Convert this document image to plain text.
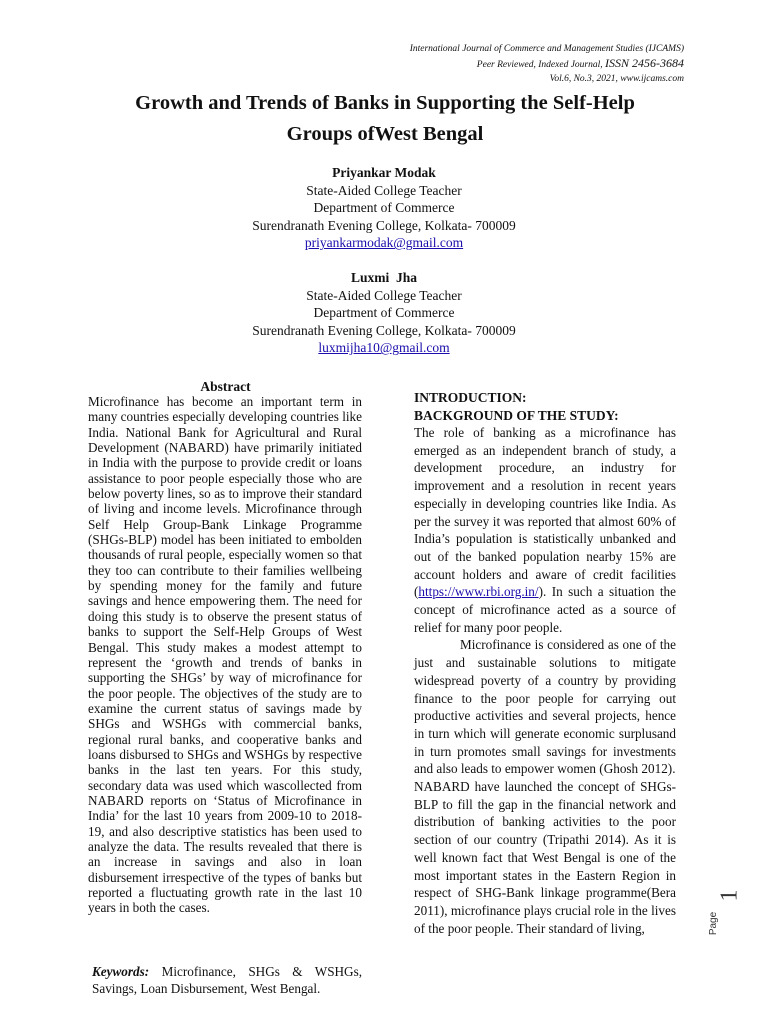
International Journal of Commerce and Management Studies (IJCAMS)
Peer Reviewed, Indexed Journal, ISSN 2456-3684
Vol.6, No.3, 2021, www.ijcams.com
Growth and Trends of Banks in Supporting the Self-Help Groups ofWest Bengal
Priyankar Modak
State-Aided College Teacher
Department of Commerce
Surendranath Evening College, Kolkata- 700009
priyankarmodak@gmail.com
Luxmi  Jha
State-Aided College Teacher
Department of Commerce
Surendranath Evening College, Kolkata- 700009
luxmijha10@gmail.com
Abstract

Microfinance has become an important term in many countries especially developing countries like India. National Bank for Agricultural and Rural Development (NABARD) have primarily initiated in India with the purpose to provide credit or loans assistance to poor people especially those who are below poverty lines, so as to improve their standard of living and income levels. Microfinance through Self Help Group-Bank Linkage Programme (SHGs-BLP) model has been initiated to embolden thousands of rural people, especially women so that they too can contribute to their families wellbeing by spending money for the family and future savings and hence empowering them. The need for doing this study is to observe the present status of banks to support the Self-Help Groups of West Bengal. This study makes a modest attempt to represent the ‘growth and trends of banks in supporting the SHGs’ by way of microfinance for the poor people. The objectives of the study are to examine the current status of savings made by SHGs and WSHGs with commercial banks, regional rural banks, and cooperative banks and loans disbursed to SHGs and WSHGs by respective banks in the last ten years. For this study, secondary data was used which wascollected from NABARD reports on ‘Status of Microfinance in India’ for the last 10 years from 2009-10 to 2018-19, and also descriptive statistics has been used to analyze the data. The results revealed that there is an increase in savings and also in loan disbursement irrespective of the types of banks but reported a fluctuating growth rate in the last 10 years in both the cases.

Keywords: Microfinance, SHGs & WSHGs, Savings, Loan Disbursement, West Bengal.

INTRODUCTION:
BACKGROUND OF THE STUDY:

The role of banking as a microfinance has emerged as an independent branch of study, a development procedure, an industry for improvement and a resolution in recent years especially in developing countries like India. As per the survey it was reported that almost 60% of India’s population is statistically unbanked and out of the banked population nearby 15% are account holders and aware of credit facilities (https://www.rbi.org.in/). In such a situation the concept of microfinance acted as a source of relief for many poor people.

Microfinance is considered as one of the just and sustainable solutions to mitigate widespread poverty of a country by providing finance to the poor people for carrying out productive activities and several projects, hence in turn which will generate economic surplusand in turn promotes small savings for investments and also leads to empower women (Ghosh 2012).

NABARD have launched the concept of SHGs-BLP to fill the gap in the financial network and distribution of banking activities to the poor section of our country (Tripathi 2014). As it is well known fact that West Bengal is one of the most important states in the Eastern Region in respect of SHG-Bank linkage programme(Bera 2011), microfinance plays crucial role in the lives of the poor people. Their standard of living,	Page
1
